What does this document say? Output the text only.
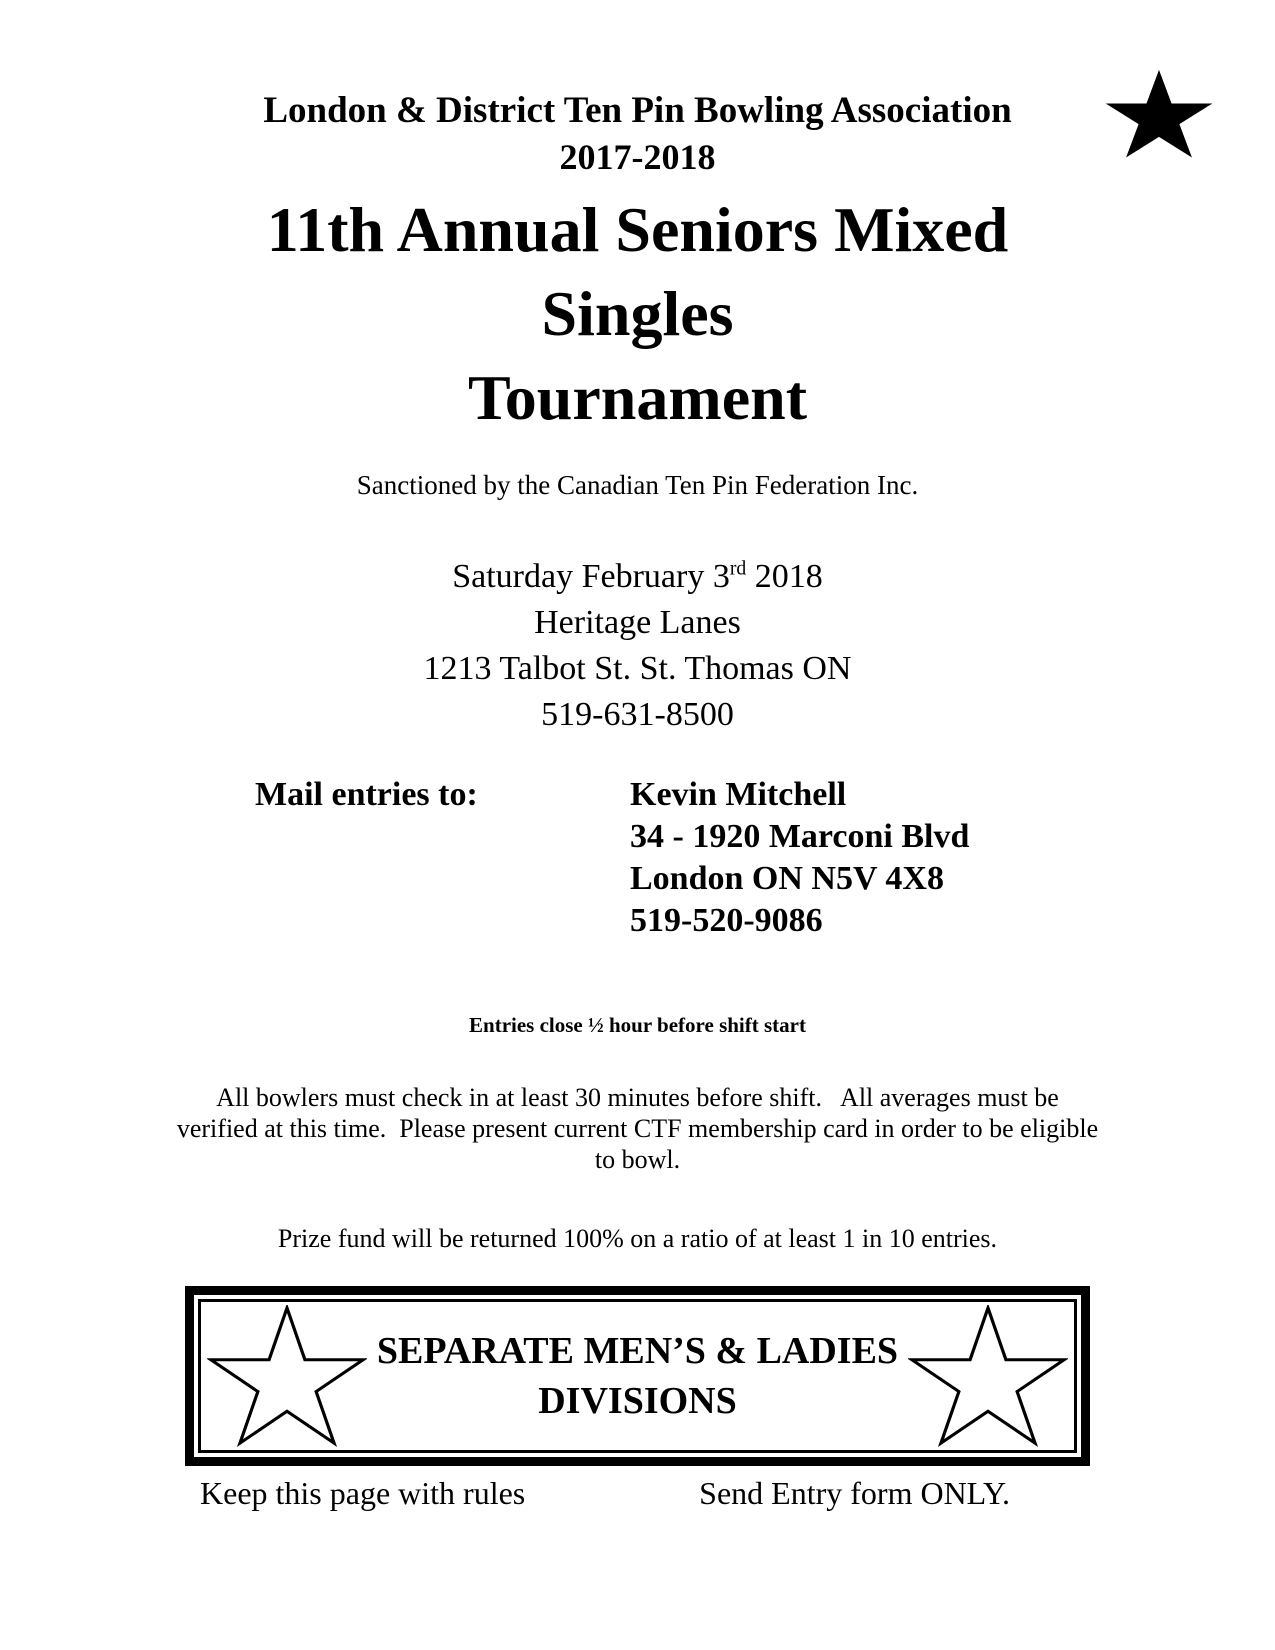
London & District Ten Pin Bowling Association
2017-2018
11th Annual Seniors Mixed
Singles
Tournament
Sanctioned by the Canadian Ten Pin Federation Inc.
Saturday February 3rd 2018
Heritage Lanes
1213 Talbot St. St. Thomas ON
519-631-8500
Mail entries to:	Kevin Mitchell
34 - 1920 Marconi Blvd
London ON N5V 4X8
519-520-9086
Entries close ½ hour before shift start
All bowlers must check in at least 30 minutes before shift.   All averages must be
verified at this time.  Please present current CTF membership card in order to be eligible
to bowl.
Prize fund will be returned 100% on a ratio of at least 1 in 10 entries.
SEPARATE MEN’S & LADIES
DIVISIONS
Keep this page with rules	Send Entry form ONLY.
